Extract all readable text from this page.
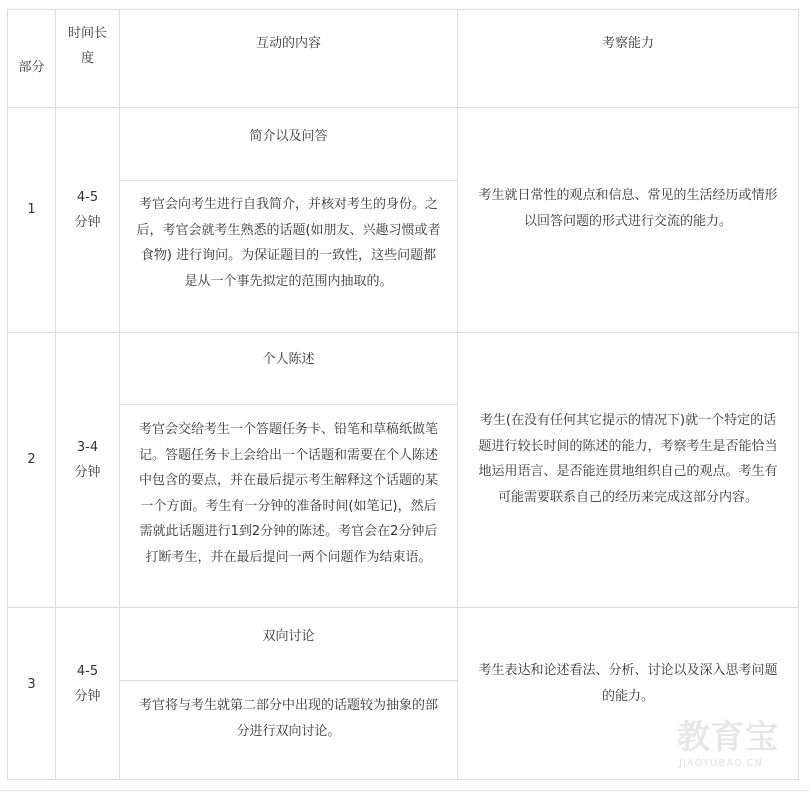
部分
时间长
度
互动的内容	考察能力
1
4-5
分钟
简介以及问答
考官会向考生进行自我简介，并核对考生的身份。之
后，考官会就考生熟悉的话题(如朋友、兴趣习惯或者
食物) 进行询问。为保证题目的一致性，这些问题都
是从一个事先拟定的范围内抽取的。
考生就日常性的观点和信息、常见的生活经历或情形
以回答问题的形式进行交流的能力。
2
3-4
分钟
个人陈述
考官会交给考生一个答题任务卡、铅笔和草稿纸做笔
记。答题任务卡上会给出一个话题和需要在个人陈述
中包含的要点，并在最后提示考生解释这个话题的某
一个方面。考生有一分钟的准备时间(如笔记)，然后
需就此话题进行1到2分钟的陈述。考官会在2分钟后
打断考生，并在最后提问一两个问题作为结束语。
考生(在没有任何其它提示的情况下)就一个特定的话
题进行较长时间的陈述的能力，考察考生是否能恰当
地运用语言、是否能连贯地组织自己的观点。考生有
可能需要联系自己的经历来完成这部分内容。
3
4-5
分钟
双向讨论
考官将与考生就第二部分中出现的话题较为抽象的部
分进行双向讨论。
考生表达和论述看法、分析、讨论以及深入思考问题
的能力。
教育宝
JIAOYUBAO.CN
